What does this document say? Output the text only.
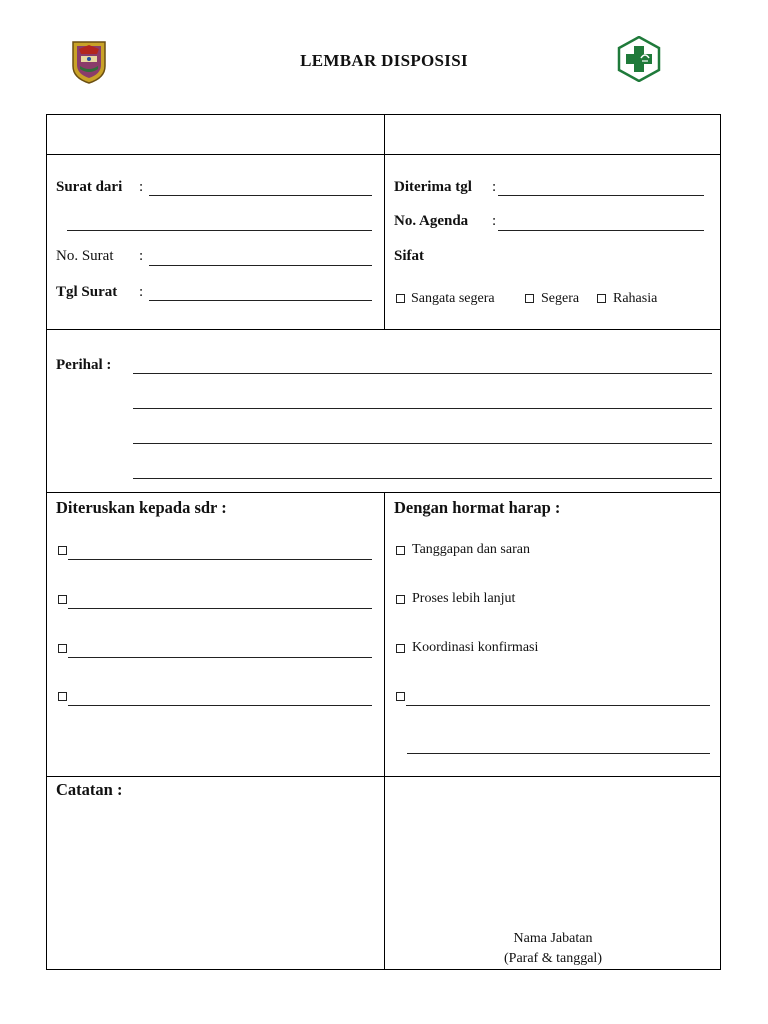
LEMBAR DISPOSISI
Surat dari :
No. Surat :
Tgl Surat :
Diterima tgl :
No. Agenda :
Sifat
Sangata segera	Segera Rahasia
Perihal :
Diteruskan kepada sdr :	Dengan hormat harap :
Tanggapan dan saran
Proses lebih lanjut
Koordinasi konfirmasi
Catatan :
Nama Jabatan
(Paraf & tanggal)
